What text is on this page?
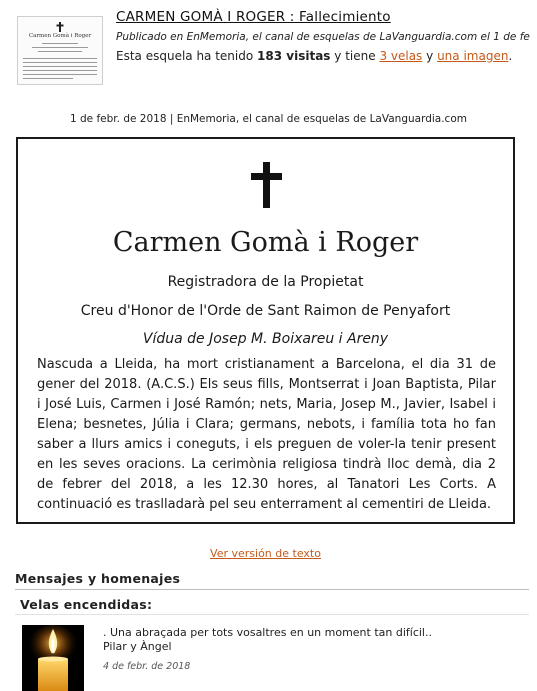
Carmen Gomà i Roger
CARMEN GOMÀ I ROGER : Fallecimiento
Publicado en EnMemoria, el canal de esquelas de LaVanguardia.com el 1 de fe
Esta esquela ha tenido 183 visitas y tiene 3 velas y una imagen.
1 de febr. de 2018 | EnMemoria, el canal de esquelas de LaVanguardia.com
Carmen Gomà i Roger
Registradora de la Propietat
Creu d'Honor de l'Orde de Sant Raimon de Penyafort
Vídua de Josep M. Boixareu i Areny
Nascuda a Lleida, ha mort cristianament a Barcelona, el dia 31 de gener del 2018. (A.C.S.) Els seus fills, Montserrat i Joan Baptista, Pilar i José Luis, Carmen i José Ramón; nets, Maria, Josep M., Javier, Isabel i Elena; besnetes, Júlia i Clara; germans, nebots, i família tota ho fan saber a llurs amics i coneguts, i els preguen de voler-la tenir present en les seves oracions. La cerimònia religiosa tindrà lloc demà, dia 2 de febrer del 2018, a les 12.30 hores, al Tanatori Les Corts. A continuació es traslladarà pel seu enterrament al cementiri de Lleida.
Ver versión de texto
Mensajes y homenajes
Velas encendidas:
. Una abraçada per tots vosaltres en un moment tan difícil..
Pilar y Àngel
4 de febr. de 2018
